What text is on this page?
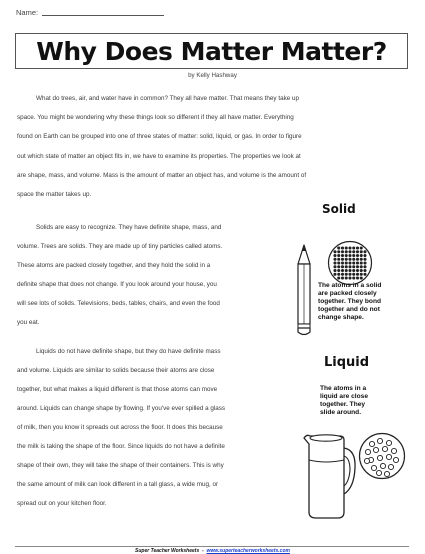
Name:
Why Does Matter Matter?
by Kelly Hashway
What do trees, air, and water have in common? They all have matter. That means they take up
space. You might be wondering why these things look so different if they all have matter. Everything
found on Earth can be grouped into one of three states of matter: solid, liquid, or gas. In order to figure
out which state of matter an object fits in, we have to examine its properties. The properties we look at
are shape, mass, and volume. Mass is the amount of matter an object has, and volume is the amount of
space the matter takes up.
Solid
Solids are easy to recognize. They have definite shape, mass, and
volume. Trees are solids. They are made up of tiny particles called atoms.
These atoms are packed closely together, and they hold the solid in a
definite shape that does not change. If you look around your house, you
will see lots of solids. Televisions, beds, tables, chairs, and even the food
you eat.
The atoms in a solid
are packed closely
together. They bond
together and do not
change shape.
Liquid
The atoms in a
liquid are close
together. They
slide around.
Liquids do not have definite shape, but they do have definite mass
and volume. Liquids are similar to solids because their atoms are close
together, but what makes a liquid different is that those atoms can move
around. Liquids can change shape by flowing. If you've ever spilled a glass
of milk, then you know it spreads out across the floor. It does this because
the milk is taking the shape of the floor. Since liquids do not have a definite
shape of their own, they will take the shape of their containers. This is why
the same amount of milk can look different in a tall glass, a wide mug, or
spread out on your kitchen floor.
Super Teacher Worksheets - www.superteacherworksheets.com
